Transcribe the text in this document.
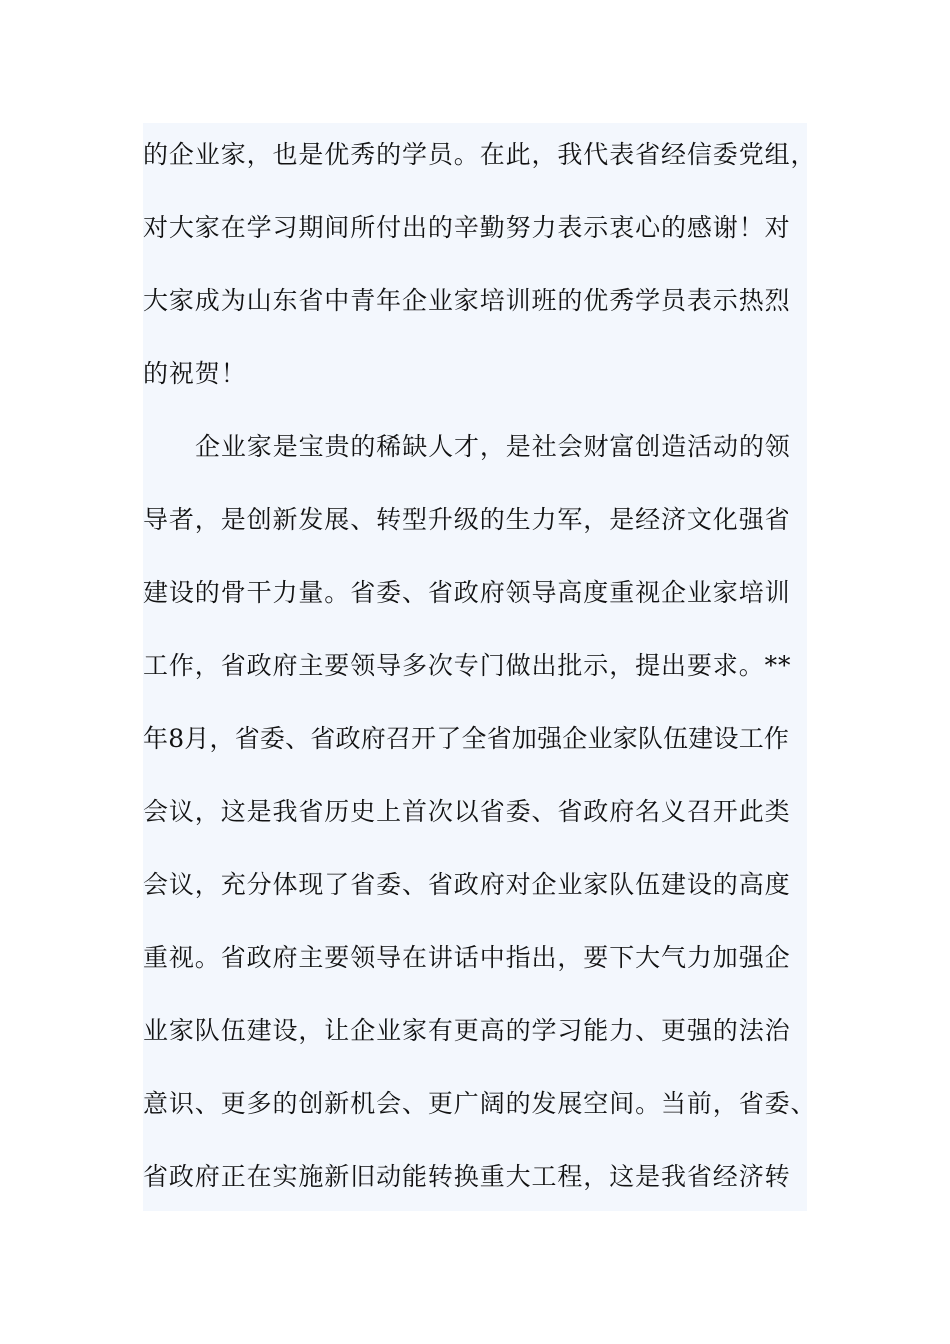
的企业家，也是优秀的学员。在此，我代表省经信委党组，
对大家在学习期间所付出的辛勤努力表示衷心的感谢！对
大家成为山东省中青年企业家培训班的优秀学员表示热烈
的祝贺！
企业家是宝贵的稀缺人才，是社会财富创造活动的领
导者，是创新发展、转型升级的生力军，是经济文化强省
建设的骨干力量。省委、省政府领导高度重视企业家培训
工作，省政府主要领导多次专门做出批示，提出要求。**
年8月，省委、省政府召开了全省加强企业家队伍建设工作
会议，这是我省历史上首次以省委、省政府名义召开此类
会议，充分体现了省委、省政府对企业家队伍建设的高度
重视。省政府主要领导在讲话中指出，要下大气力加强企
业家队伍建设，让企业家有更高的学习能力、更强的法治
意识、更多的创新机会、更广阔的发展空间。当前，省委、
省政府正在实施新旧动能转换重大工程，这是我省经济转
